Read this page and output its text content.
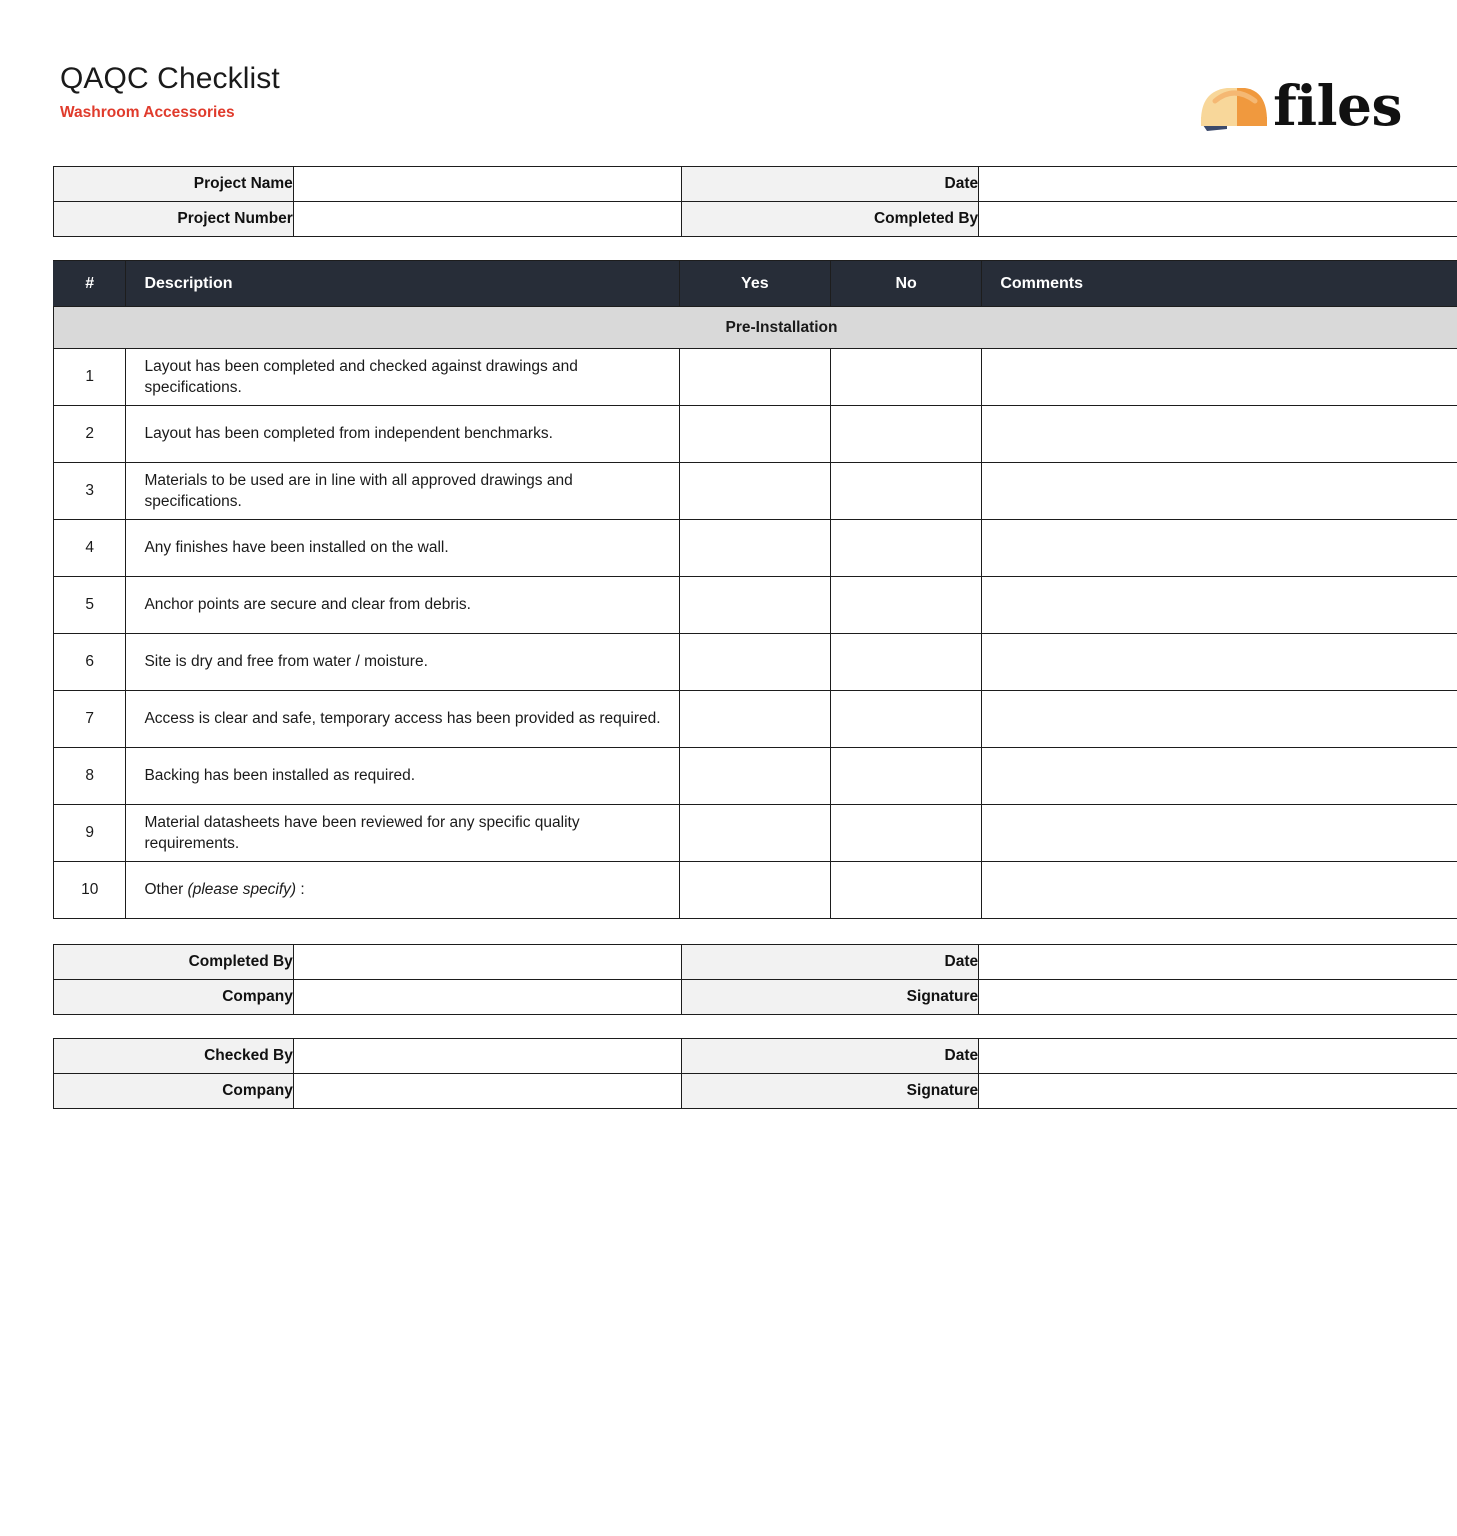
QAQC Checklist
Washroom Accessories	files
Project Name		Date	
Project Number		Completed By	
#	Description	Yes	No	Comments
Pre-Installation				
1	Layout has been completed and checked against drawings and specifications.			
2	Layout has been completed from independent benchmarks.			
3	Materials to be used are in line with all approved drawings and specifications.			
4	Any finishes have been installed on the wall.			
5	Anchor points are secure and clear from debris.			
6	Site is dry and free from water / moisture.			
7	Access is clear and safe, temporary access has been provided as required.			
8	Backing has been installed as required.			
9	Material datasheets have been reviewed for any specific quality requirements.			
10	Other (please specify) :			
Completed By		Date	
Company		Signature	
Checked By		Date	
Company		Signature	
